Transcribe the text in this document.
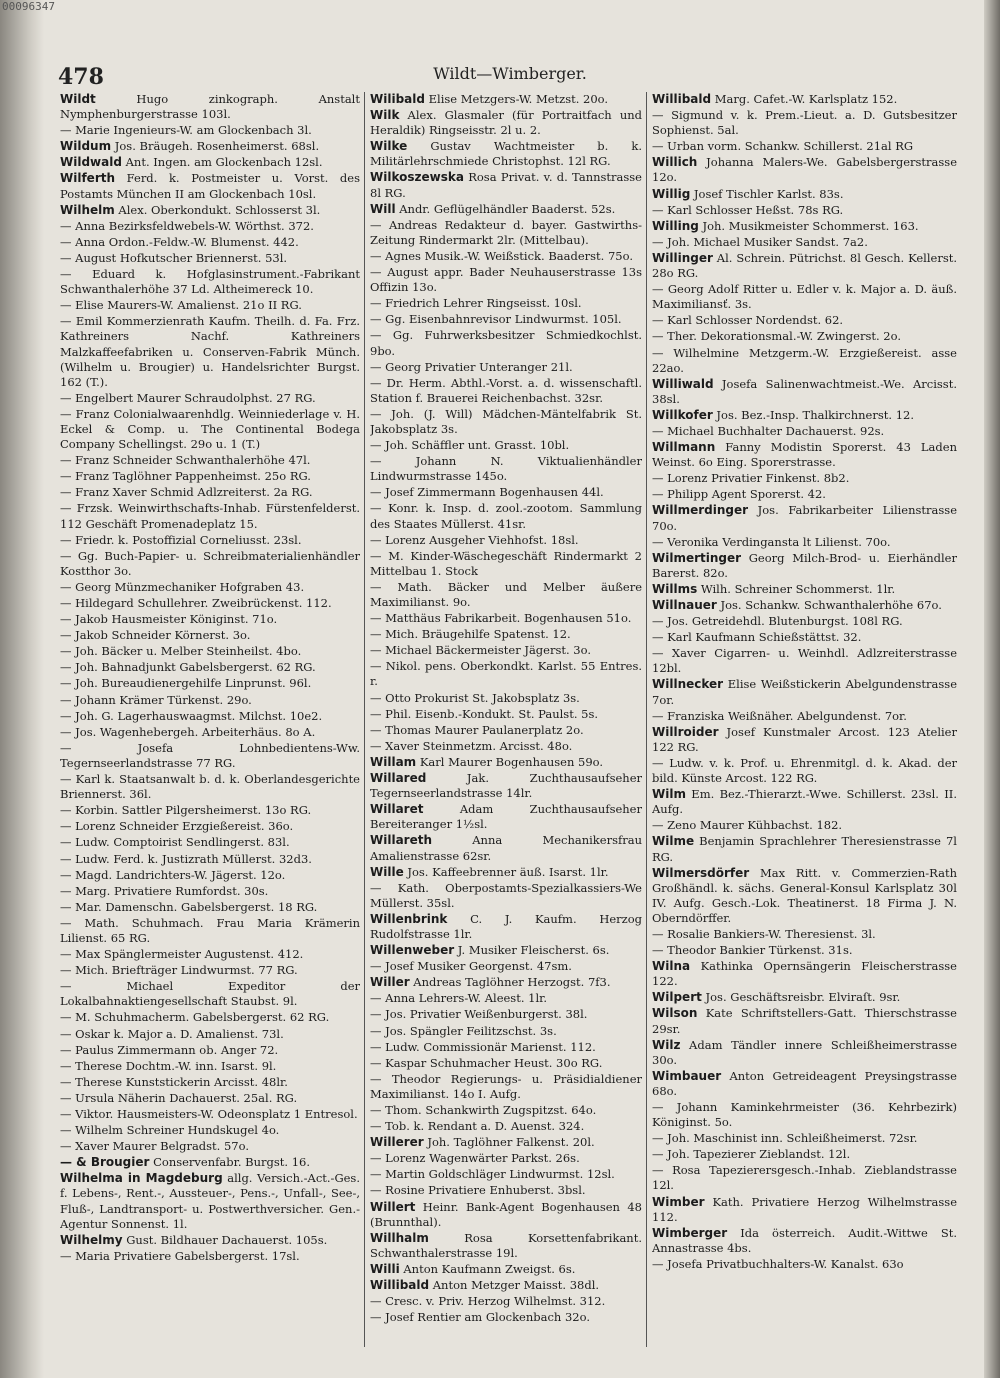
00096347
478	Wildt—Wimberger.
Wildt Hugo zinkograph. Anstalt Nymphenburgerstrasse 103l.
— Marie Ingenieurs-W. am Glockenbach 3l.
Wildum Jos. Bräugeh. Rosenheimerst. 68sl.
Wildwald Ant. Ingen. am Glockenbach 12sl.
Wilferth Ferd. k. Postmeister u. Vorst. des Postamts München II am Glockenbach 10sl.
Wilhelm Alex. Oberkondukt. Schlosserst 3l.
— Anna Bezirksfeldwebels-W. Wörthst. 372.
— Anna Ordon.-Feldw.-W. Blumenst. 442.
— August Hofkutscher Briennerst. 53l.
— Eduard k. Hofglasinstrument.-Fabrikant Schwanthalerhöhe 37 Ld. Altheimereck 10.
— Elise Maurers-W. Amalienst. 21o II RG.
— Emil Kommerzienrath Kaufm. Theilh. d. Fa. Frz. Kathreiners Nachf. Kathreiners Malzkaffeefabriken u. Conserven-Fabrik Münch. (Wilhelm u. Brougier) u. Handelsrichter Burgst. 162 (T.).
— Engelbert Maurer Schraudolphst. 27 RG.
— Franz Colonialwaarenhdlg. Weinniederlage v. H. Eckel & Comp. u. The Continental Bodega Company Schellingst. 29o u. 1 (T.)
— Franz Schneider Schwanthalerhöhe 47l.
— Franz Taglöhner Pappenheimst. 25o RG.
— Franz Xaver Schmid Adlzreiterst. 2a RG.
— Frzsk. Weinwirthschafts-Inhab. Fürstenfelderst. 112 Geschäft Promenadeplatz 15.
— Friedr. k. Postoffizial Corneliusst. 23sl.
— Gg. Buch-Papier- u. Schreibmaterialienhändler Kostthor 3o.
— Georg Münzmechaniker Hofgraben 43.
— Hildegard Schullehrer. Zweibrückenst. 112.
— Jakob Hausmeister Königinst. 71o.
— Jakob Schneider Körnerst. 3o.
— Joh. Bäcker u. Melber Steinheilst. 4bo.
— Joh. Bahnadjunkt Gabelsbergerst. 62 RG.
— Joh. Bureaudienergehilfe Linprunst. 96l.
— Johann Krämer Türkenst. 29o.
— Joh. G. Lagerhauswaagmst. Milchst. 10e2.
— Jos. Wagenhebergeh. Arbeiterhäus. 8o A.
— Josefa Lohnbedientens-Ww. Tegernseerlandstrasse 77 RG.
— Karl k. Staatsanwalt b. d. k. Oberlandesgerichte Briennerst. 36l.
— Korbin. Sattler Pilgersheimerst. 13o RG.
— Lorenz Schneider Erzgießereist. 36o.
— Ludw. Comptoirist Sendlingerst. 83l.
— Ludw. Ferd. k. Justizrath Müllerst. 32d3.
— Magd. Landrichters-W. Jägerst. 12o.
— Marg. Privatiere Rumfordst. 30s.
— Mar. Damenschn. Gabelsbergerst. 18 RG.
— Math. Schuhmach. Frau Maria Krämerin Lilienst. 65 RG.
— Max Spänglermeister Augustenst. 412.
— Mich. Briefträger Lindwurmst. 77 RG.
— Michael Expeditor der Lokalbahnaktiengesellschaft Staubst. 9l.
— M. Schuhmacherm. Gabelsbergerst. 62 RG.
— Oskar k. Major a. D. Amalienst. 73l.
— Paulus Zimmermann ob. Anger 72.
— Therese Dochtm.-W. inn. Isarst. 9l.
— Therese Kunststickerin Arcisst. 48lr.
— Ursula Näherin Dachauerst. 25al. RG.
— Viktor. Hausmeisters-W. Odeonsplatz 1 Entresol.
— Wilhelm Schreiner Hundskugel 4o.
— Xaver Maurer Belgradst. 57o.
— & Brougier Conservenfabr. Burgst. 16.
Wilhelma in Magdeburg allg. Versich.-Act.-Ges. f. Lebens-, Rent.-, Aussteuer-, Pens.-, Unfall-, See-, Fluß-, Landtransport- u. Postwerthversicher. Gen.-Agentur Sonnenst. 1l.
Wilhelmy Gust. Bildhauer Dachauerst. 105s.
— Maria Privatiere Gabelsbergerst. 17sl.
Wilibald Elise Metzgers-W. Metzst. 20o.
Wilk Alex. Glasmaler (für Portraitfach und Heraldik) Ringseisstr. 2l u. 2.
Wilke Gustav Wachtmeister b. k. Militärlehrschmiede Christophst. 12l RG.
Wilkoszewska Rosa Privat. v. d. Tannstrasse 8l RG.
Will Andr. Geflügelhändler Baaderst. 52s.
— Andreas Redakteur d. bayer. Gastwirths-Zeitung Rindermarkt 2lr. (Mittelbau).
— Agnes Musik.-W. Weißstick. Baaderst. 75o.
— August appr. Bader Neuhauserstrasse 13s Offizin 13o.
— Friedrich Lehrer Ringseisst. 10sl.
— Gg. Eisenbahnrevisor Lindwurmst. 105l.
— Gg. Fuhrwerksbesitzer Schmiedkochlst. 9bo.
— Georg Privatier Unteranger 21l.
— Dr. Herm. Abthl.-Vorst. a. d. wissenschaftl. Station f. Brauerei Reichenbachst. 32sr.
— Joh. (J. Will) Mädchen-Mäntelfabrik St. Jakobsplatz 3s.
— Joh. Schäffler unt. Grasst. 10bl.
— Johann N. Viktualienhändler Lindwurmstrasse 145o.
— Josef Zimmermann Bogenhausen 44l.
— Konr. k. Insp. d. zool.-zootom. Sammlung des Staates Müllerst. 41sr.
— Lorenz Ausgeher Viehhofst. 18sl.
— M. Kinder-Wäschegeschäft Rindermarkt 2 Mittelbau 1. Stock
— Math. Bäcker und Melber äußere Maximilianst. 9o.
— Matthäus Fabrikarbeit. Bogenhausen 51o.
— Mich. Bräugehilfe Spatenst. 12.
— Michael Bäckermeister Jägerst. 3o.
— Nikol. pens. Oberkondkt. Karlst. 55 Entres. r.
— Otto Prokurist St. Jakobsplatz 3s.
— Phil. Eisenb.-Kondukt. St. Paulst. 5s.
— Thomas Maurer Paulanerplatz 2o.
— Xaver Steinmetzm. Arcisst. 48o.
Willam Karl Maurer Bogenhausen 59o.
Willared Jak. Zuchthausaufseher Tegernseerlandstrasse 14lr.
Willaret Adam Zuchthausaufseher Bereiteranger 1½sl.
Willareth Anna Mechanikersfrau Amalienstrasse 62sr.
Wille Jos. Kaffeebrenner äuß. Isarst. 1lr.
— Kath. Oberpostamts-Spezialkassiers-We Müllerst. 35sl.
Willenbrink C. J. Kaufm. Herzog Rudolfstrasse 1lr.
Willenweber J. Musiker Fleischerst. 6s.
— Josef Musiker Georgenst. 47sm.
Willer Andreas Taglöhner Herzogst. 7f3.
— Anna Lehrers-W. Aleest. 1lr.
— Jos. Privatier Weißenburgerst. 38l.
— Jos. Spängler Feilitzschst. 3s.
— Ludw. Commissionär Marienst. 112.
— Kaspar Schuhmacher Heust. 30o RG.
— Theodor Regierungs- u. Präsidialdiener Maximilianst. 14o I. Aufg.
— Thom. Schankwirth Zugspitzst. 64o.
— Tob. k. Rendant a. D. Auenst. 324.
Willerer Joh. Taglöhner Falkenst. 20l.
— Lorenz Wagenwärter Parkst. 26s.
— Martin Goldschläger Lindwurmst. 12sl.
— Rosine Privatiere Enhuberst. 3bsl.
Willert Heinr. Bank-Agent Bogenhausen 48 (Brunnthal).
Willhalm Rosa Korsettenfabrikant. Schwanthalerstrasse 19l.
Willi Anton Kaufmann Zweigst. 6s.
Willibald Anton Metzger Maisst. 38dl.
— Cresc. v. Priv. Herzog Wilhelmst. 312.
— Josef Rentier am Glockenbach 32o.
Willibald Marg. Cafet.-W. Karlsplatz 152.
— Sigmund v. k. Prem.-Lieut. a. D. Gutsbesitzer Sophienst. 5al.
— Urban vorm. Schankw. Schillerst. 21al RG
Willich Johanna Malers-We. Gabelsbergerstrasse 12o.
Willig Josef Tischler Karlst. 83s.
— Karl Schlosser Heßst. 78s RG.
Willing Joh. Musikmeister Schommerst. 163.
— Joh. Michael Musiker Sandst. 7a2.
Willinger Al. Schrein. Pütrichst. 8l Gesch. Kellerst. 28o RG.
— Georg Adolf Ritter u. Edler v. k. Major a. D. äuß. Maximiliansť. 3s.
— Karl Schlosser Nordendst. 62.
— Ther. Dekorationsmal.-W. Zwingerst. 2o.
— Wilhelmine Metzgerm.-W. Erzgießereist. asse 22ao.
Williwald Josefa Salinenwachtmeist.-We. Arcisst. 38sl.
Willkofer Jos. Bez.-Insp. Thalkirchnerst. 12.
— Michael Buchhalter Dachauerst. 92s.
Willmann Fanny Modistin Sporerst. 43 Laden Weinst. 6o Eing. Sporerstrasse.
— Lorenz Privatier Finkenst. 8b2.
— Philipp Agent Sporerst. 42.
Willmerdinger Jos. Fabrikarbeiter Lilienstrasse 70o.
— Veronika Verdingansta lt Lilienst. 70o.
Wilmertinger Georg Milch-Brod- u. Eierhändler Barerst. 82o.
Willms Wilh. Schreiner Schommerst. 1lr.
Willnauer Jos. Schankw. Schwanthalerhöhe 67o.
— Jos. Getreidehdl. Blutenburgst. 108l RG.
— Karl Kaufmann Schießstättst. 32.
— Xaver Cigarren- u. Weinhdl. Adlzreiterstrasse 12bl.
Willnecker Elise Weißstickerin Abelgundenstrasse 7or.
— Franziska Weißnäher. Abelgundenst. 7or.
Willroider Josef Kunstmaler Arcost. 123 Atelier 122 RG.
— Ludw. v. k. Prof. u. Ehrenmitgl. d. k. Akad. der bild. Künste Arcost. 122 RG.
Wilm Em. Bez.-Thierarzt.-Wwe. Schillerst. 23sl. II. Aufg.
— Zeno Maurer Kühbachst. 182.
Wilme Benjamin Sprachlehrer Theresienstrasse 7l RG.
Wilmersdörfer Max Ritt. v. Commerzien-Rath Großhändl. k. sächs. General-Konsul Karlsplatz 30l IV. Aufg. Gesch.-Lok. Theatinerst. 18 Firma J. N. Oberndörffer.
— Rosalie Bankiers-W. Theresienst. 3l.
— Theodor Bankier Türkenst. 31s.
Wilna Kathinka Opernsängerin Fleischerstrasse 122.
Wilpert Jos. Geschäftsreisbr. Elviraſt. 9sr.
Wilson Kate Schriftstellers-Gatt. Thierschstrasse 29sr.
Wilz Adam Tändler innere Schleißheimerstrasse 30o.
Wimbauer Anton Getreideagent Preysingstrasse 68o.
— Johann Kaminkehrmeister (36. Kehrbezirk) Königinst. 5o.
— Joh. Maschinist inn. Schleißheimerst. 72sr.
— Joh. Tapezierer Zieblandst. 12l.
— Rosa Tapezierersgesch.-Inhab. Zieblandstrasse 12l.
Wimber Kath. Privatiere Herzog Wilhelmstrasse 112.
Wimberger Ida österreich. Audit.-Wittwe St. Annastrasse 4bs.
— Josefa Privatbuchhalters-W. Kanalst. 63o
